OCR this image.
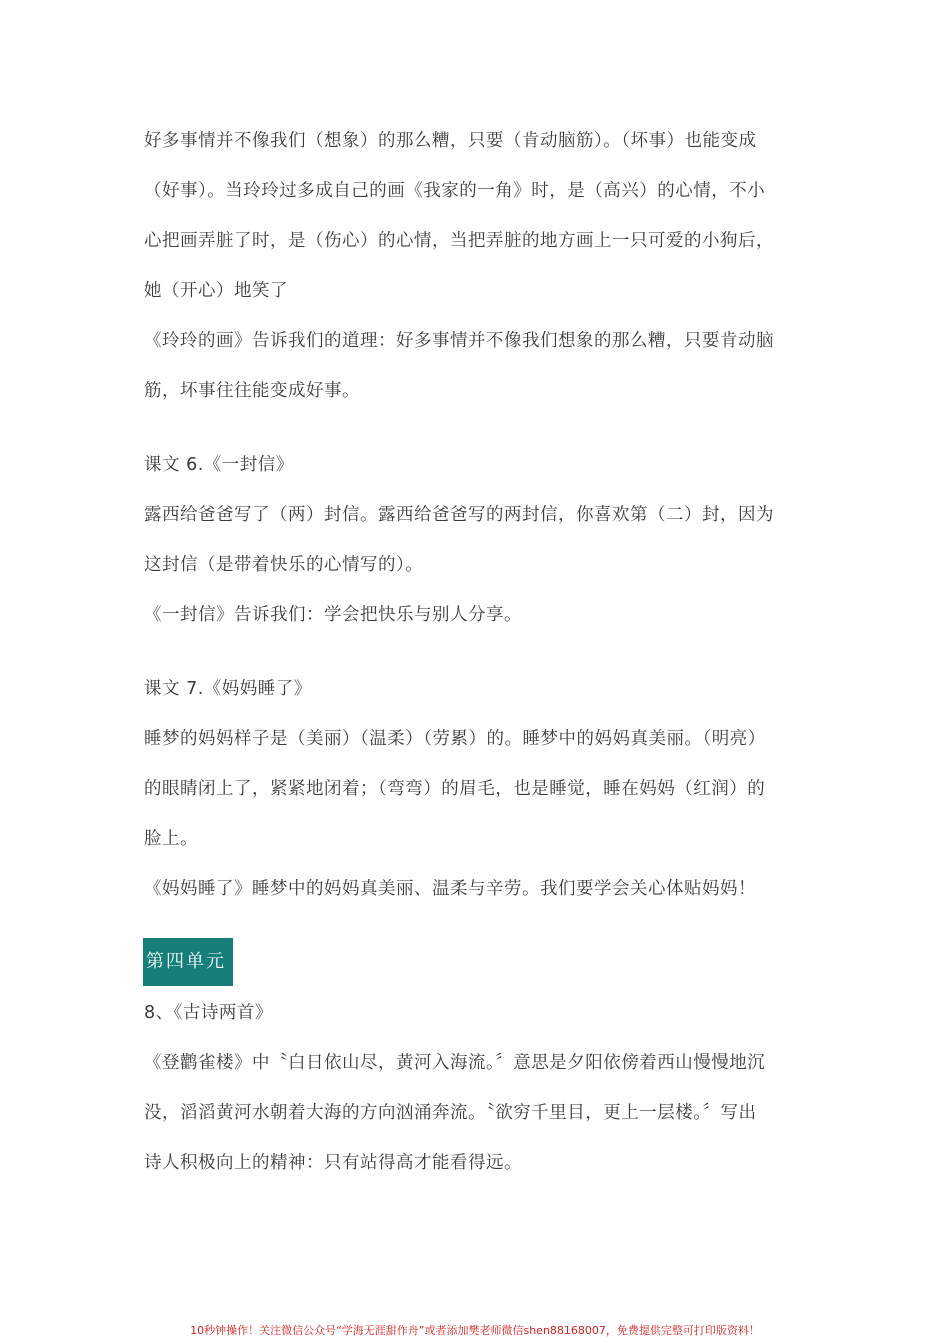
好多事情并不像我们（想象）的那么糟，只要（肯动脑筋）。（坏事）也能变成
（好事）。当玲玲过多成自己的画《我家的一角》时，是（高兴）的心情，不小
心把画弄脏了时，是（伤心）的心情，当把弄脏的地方画上一只可爱的小狗后，
她（开心）地笑了
《玲玲的画》告诉我们的道理：好多事情并不像我们想象的那么糟，只要肯动脑
筋，坏事往往能变成好事。
课文 6.《一封信》
露西给爸爸写了（两）封信。露西给爸爸写的两封信，你喜欢第（二）封，因为
这封信（是带着快乐的心情写的）。
《一封信》告诉我们：学会把快乐与别人分享。
课文 7.《妈妈睡了》
睡梦的妈妈样子是（美丽）（温柔）（劳累）的。睡梦中的妈妈真美丽。（明亮）
的眼睛闭上了，紧紧地闭着；（弯弯）的眉毛，也是睡觉，睡在妈妈（红润）的
脸上。
《妈妈睡了》睡梦中的妈妈真美丽、温柔与辛劳。我们要学会关心体贴妈妈！
第四单元
8、《古诗两首》
《登鹳雀楼》中〝白日依山尽，黄河入海流。〞意思是夕阳依傍着西山慢慢地沉
没，滔滔黄河水朝着大海的方向汹涌奔流。〝欲穷千里目，更上一层楼。〞写出
诗人积极向上的精神：只有站得高才能看得远。
10秒钟操作！关注微信公众号“学海无涯甜作舟”或者添加樊老师微信shen88168007，免费提供完整可打印版资料！
